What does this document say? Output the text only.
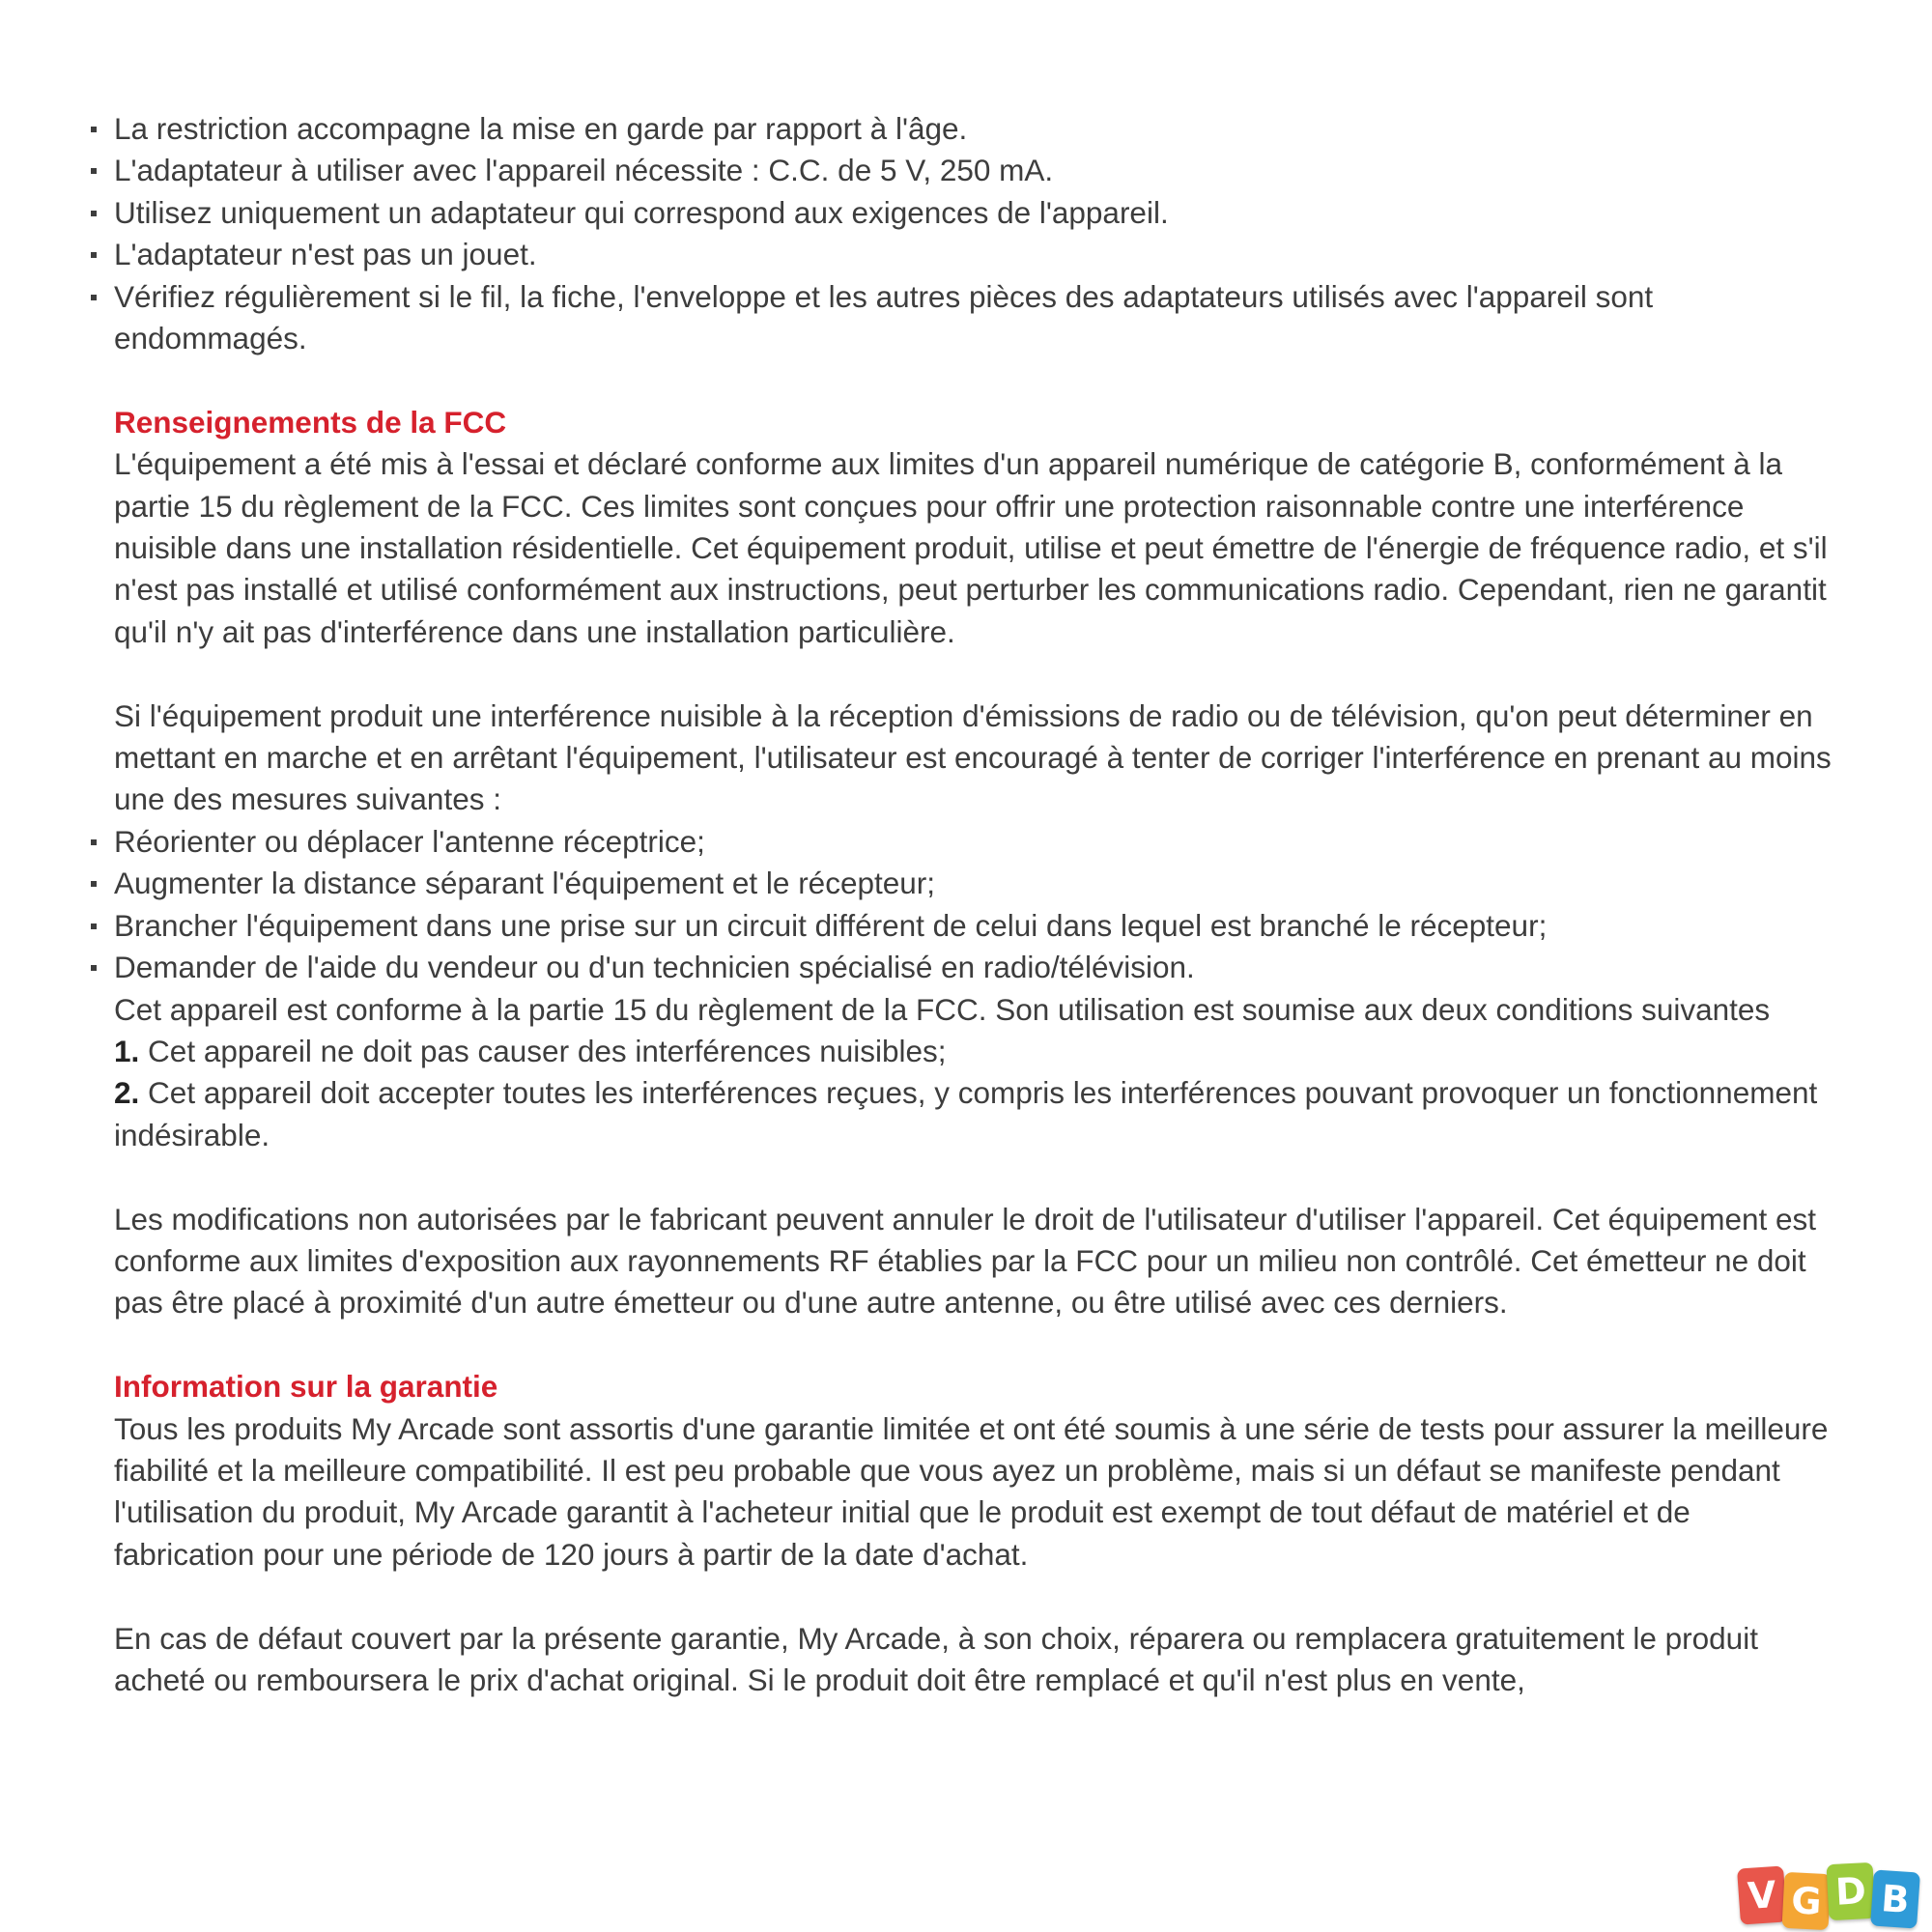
La restriction accompagne la mise en garde par rapport à l'âge.
L'adaptateur à utiliser avec l'appareil nécessite : C.C. de 5 V, 250 mA.
Utilisez uniquement un adaptateur qui correspond aux exigences de l'appareil.
L'adaptateur n'est pas un jouet.
Vérifiez régulièrement si le fil, la fiche, l'enveloppe et les autres pièces des adaptateurs utilisés avec l'appareil sont endommagés.
Renseignements de la FCC

L'équipement a été mis à l'essai et déclaré conforme aux limites d'un appareil numérique de catégorie B, conformément à la partie 15 du règlement de la FCC. Ces limites sont conçues pour offrir une protection raisonnable contre une interférence nuisible dans une installation résidentielle. Cet équipement produit, utilise et peut émettre de l'énergie de fréquence radio, et s'il n'est pas installé et utilisé conformément aux instructions, peut perturber les communications radio. Cependant, rien ne garantit qu'il n'y ait pas d'interférence dans une installation particulière.

Si l'équipement produit une interférence nuisible à la réception d'émissions de radio ou de télévision, qu'on peut déterminer en mettant en marche et en arrêtant l'équipement, l'utilisateur est encouragé à tenter de corriger l'interférence en prenant au moins une des mesures suivantes :

Réorienter ou déplacer l'antenne réceptrice;
Augmenter la distance séparant l'équipement et le récepteur;
Brancher l'équipement dans une prise sur un circuit différent de celui dans lequel est branché le récepteur;
Demander de l'aide du vendeur ou d'un technicien spécialisé en radio/télévision.

Cet appareil est conforme à la partie 15 du règlement de la FCC. Son utilisation est soumise aux deux conditions suivantes

1. Cet appareil ne doit pas causer des interférences nuisibles;

2. Cet appareil doit accepter toutes les interférences reçues, y compris les interférences pouvant provoquer un fonctionnement indésirable.

Les modifications non autorisées par le fabricant peuvent annuler le droit de l'utilisateur d'utiliser l'appareil. Cet équipement est conforme aux limites d'exposition aux rayonnements RF établies par la FCC pour un milieu non contrôlé. Cet émetteur ne doit pas être placé à proximité d'un autre émetteur ou d'une autre antenne, ou être utilisé avec ces derniers.

Information sur la garantie

Tous les produits My Arcade sont assortis d'une garantie limitée et ont été soumis à une série de tests pour assurer la meilleure fiabilité et la meilleure compatibilité. Il est peu probable que vous ayez un problème, mais si un défaut se manifeste pendant l'utilisation du produit, My Arcade garantit à l'acheteur initial que le produit est exempt de tout défaut de matériel et de fabrication pour une période de 120 jours à partir de la date d'achat.

En cas de défaut couvert par la présente garantie, My Arcade, à son choix, réparera ou remplacera gratuitement le produit acheté ou remboursera le prix d'achat original. Si le produit doit être remplacé et qu'il n'est plus en vente,

V G D B
